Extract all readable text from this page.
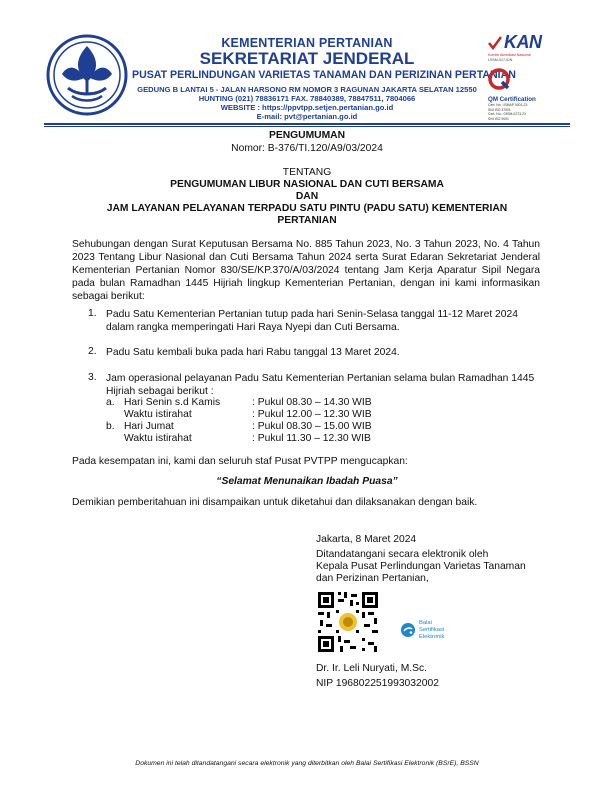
KEMENTERIAN PERTANIAN
SEKRETARIAT JENDERAL
PUSAT PERLINDUNGAN VARIETAS TANAMAN DAN PERIZINAN PERTANIAN
GEDUNG B LANTAI 5 - JALAN HARSONO RM NOMOR 3 RAGUNAN JAKARTA SELATAN 12550
HUNTING (021) 78836171 FAX. 78840389, 78847511, 7804066
WEBSITE : https://ppvtpp.setjen.pertanian.go.id
E-mail: pvt@pertanian.go.id
KAN
Komite Akreditasi Nasional
LSSM-017-IDN
QM Certification
Cert. No.: ISMAP 0001-23
SNI ISO 37001
Cert. No.: 03SM-0273-23
SNI ISO 9001
PENGUMUMAN
Nomor: B-376/TI.120/A9/03/2024
TENTANG
PENGUMUMAN LIBUR NASIONAL DAN CUTI BERSAMA
DAN
JAM LAYANAN PELAYANAN TERPADU SATU PINTU (PADU SATU) KEMENTERIAN
PERTANIAN
Sehubungan dengan Surat Keputusan Bersama No. 885 Tahun 2023, No. 3 Tahun 2023, No. 4 Tahun 2023 Tentang Libur Nasional dan Cuti Bersama Tahun 2024 serta Surat Edaran Sekretariat Jenderal Kementerian Pertanian Nomor 830/SE/KP.370/A/03/2024 tentang Jam Kerja Aparatur Sipil Negara pada bulan Ramadhan 1445 Hijriah lingkup Kementerian Pertanian, dengan ini kami informasikan sebagai berikut:
1. Padu Satu Kementerian Pertanian tutup pada hari Senin-Selasa tanggal 11-12 Maret 2024 dalam rangka memperingati Hari Raya Nyepi dan Cuti Bersama.
2. Padu Satu kembali buka pada hari Rabu tanggal 13 Maret 2024.
3. Jam operasional pelayanan Padu Satu Kementerian Pertanian selama bulan Ramadhan 1445 Hijriah sebagai berikut :
a. Hari Senin s.d Kamis	: Pukul 08.30 – 14.30 WIB
Waktu istirahat	: Pukul 12.00 – 12.30 WIB
b. Hari Jumat	: Pukul 08.30 – 15.00 WIB
Waktu istirahat	: Pukul 11.30 – 12.30 WIB
Pada kesempatan ini, kami dan seluruh staf Pusat PVTPP mengucapkan:
“Selamat Menunaikan Ibadah Puasa”
Demikian pemberitahuan ini disampaikan untuk diketahui dan dilaksanakan dengan baik.
Jakarta, 8 Maret 2024
Ditandatangani secara elektronik oleh
Kepala Pusat Perlindungan Varietas Tanaman
dan Perizinan Pertanian,
Balai
Sertifikasi
Elektronik
Dr. Ir. Leli Nuryati, M.Sc.
NIP 196802251993032002
Dokumen ini telah ditandatangani secara elektronik yang diterbitkan oleh Balai Sertifikasi Elektronik (BSrE), BSSN
